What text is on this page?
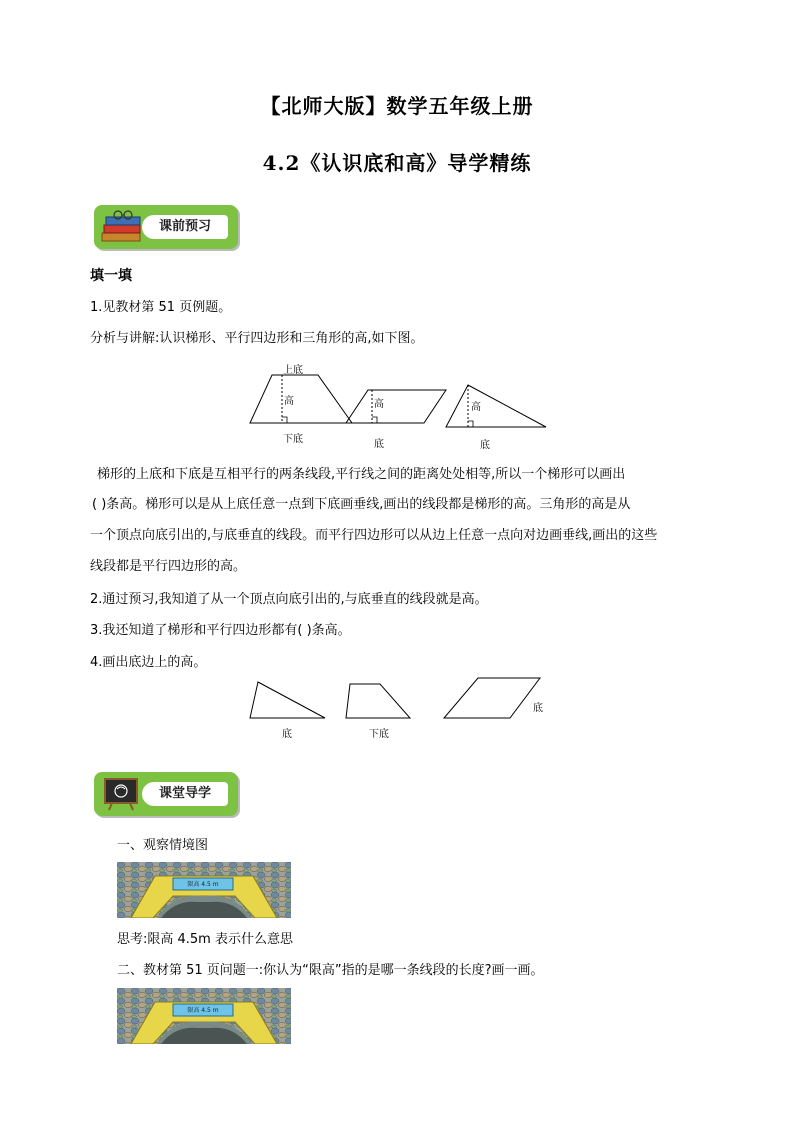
【北师大版】数学五年级上册
4.2《认识底和高》导学精练
课前预习
填一填
1.见教材第 51 页例题。
分析与讲解:认识梯形、平行四边形和三角形的高,如下图。
上底
高
下底
高
底
高
底
梯形的上底和下底是互相平行的两条线段,平行线之间的距离处处相等,所以一个梯形可以画出
( )条高。梯形可以是从上底任意一点到下底画垂线,画出的线段都是梯形的高。三角形的高是从
一个顶点向底引出的,与底垂直的线段。而平行四边形可以从边上任意一点向对边画垂线,画出的这些
线段都是平行四边形的高。
2.通过预习,我知道了从一个顶点向底引出的,与底垂直的线段就是高。
3.我还知道了梯形和平行四边形都有( )条高。
4.画出底边上的高。
底	下底
底
课堂导学
一、观察情境图
限高 4.5 m
思考:限高 4.5m 表示什么意思
二、教材第 51 页问题一:你认为“限高”指的是哪一条线段的长度?画一画。
限高 4.5 m
